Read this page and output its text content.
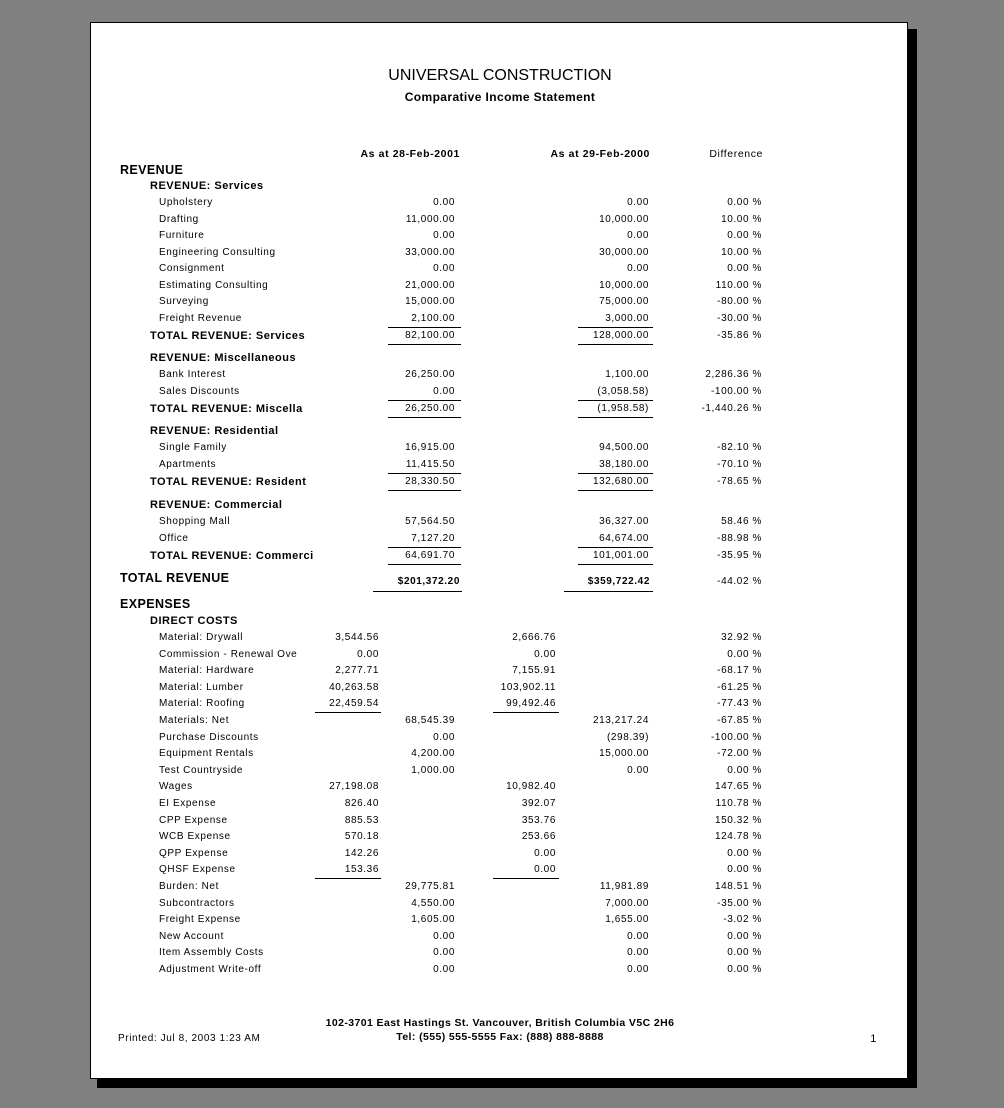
UNIVERSAL CONSTRUCTION
Comparative Income Statement
As at 28-Feb-2001	As at 29-Feb-2000	Difference
REVENUE
REVENUE: Services
Upholstery	0.00	0.00	0.00 %
Drafting	11,000.00	10,000.00	10.00 %
Furniture	0.00	0.00	0.00 %
Engineering Consulting	33,000.00	30,000.00	10.00 %
Consignment	0.00	0.00	0.00 %
Estimating Consulting	21,000.00	10,000.00	110.00 %
Surveying	15,000.00	75,000.00	-80.00 %
Freight Revenue	2,100.00	3,000.00	-30.00 %
TOTAL REVENUE: Services	82,100.00	128,000.00	-35.86 %
REVENUE: Miscellaneous
Bank Interest	26,250.00	1,100.00	2,286.36 %
Sales Discounts	0.00	(3,058.58)	-100.00 %
TOTAL REVENUE: Miscella	26,250.00	(1,958.58)	-1,440.26 %
REVENUE: Residential
Single Family	16,915.00	94,500.00	-82.10 %
Apartments	11,415.50	38,180.00	-70.10 %
TOTAL REVENUE: Resident	28,330.50	132,680.00	-78.65 %
REVENUE: Commercial
Shopping Mall	57,564.50	36,327.00	58.46 %
Office	7,127.20	64,674.00	-88.98 %
TOTAL REVENUE: Commerci	64,691.70	101,001.00	-35.95 %
TOTAL REVENUE	$201,372.20	$359,722.42	-44.02 %
EXPENSES
DIRECT COSTS
Material: Drywall	3,544.56	2,666.76	32.92 %
Commission - Renewal Ove	0.00	0.00	0.00 %
Material: Hardware	2,277.71	7,155.91	-68.17 %
Material: Lumber	40,263.58	103,902.11	-61.25 %
Material: Roofing	22,459.54	99,492.46	-77.43 %
Materials: Net	68,545.39	213,217.24	-67.85 %
Purchase Discounts	0.00	(298.39)	-100.00 %
Equipment Rentals	4,200.00	15,000.00	-72.00 %
Test Countryside	1,000.00	0.00	0.00 %
Wages	27,198.08	10,982.40	147.65 %
EI Expense	826.40	392.07	110.78 %
CPP Expense	885.53	353.76	150.32 %
WCB Expense	570.18	253.66	124.78 %
QPP Expense	142.26	0.00	0.00 %
QHSF Expense	153.36	0.00	0.00 %
Burden: Net	29,775.81	11,981.89	148.51 %
Subcontractors	4,550.00	7,000.00	-35.00 %
Freight Expense	1,605.00	1,655.00	-3.02 %
New Account	0.00	0.00	0.00 %
Item Assembly Costs	0.00	0.00	0.00 %
Adjustment Write-off	0.00	0.00	0.00 %
102-3701 East Hastings St. Vancouver, British Columbia V5C 2H6
Tel: (555) 555-5555 Fax: (888) 888-8888
Printed: Jul 8, 2003 1:23 AM	1
